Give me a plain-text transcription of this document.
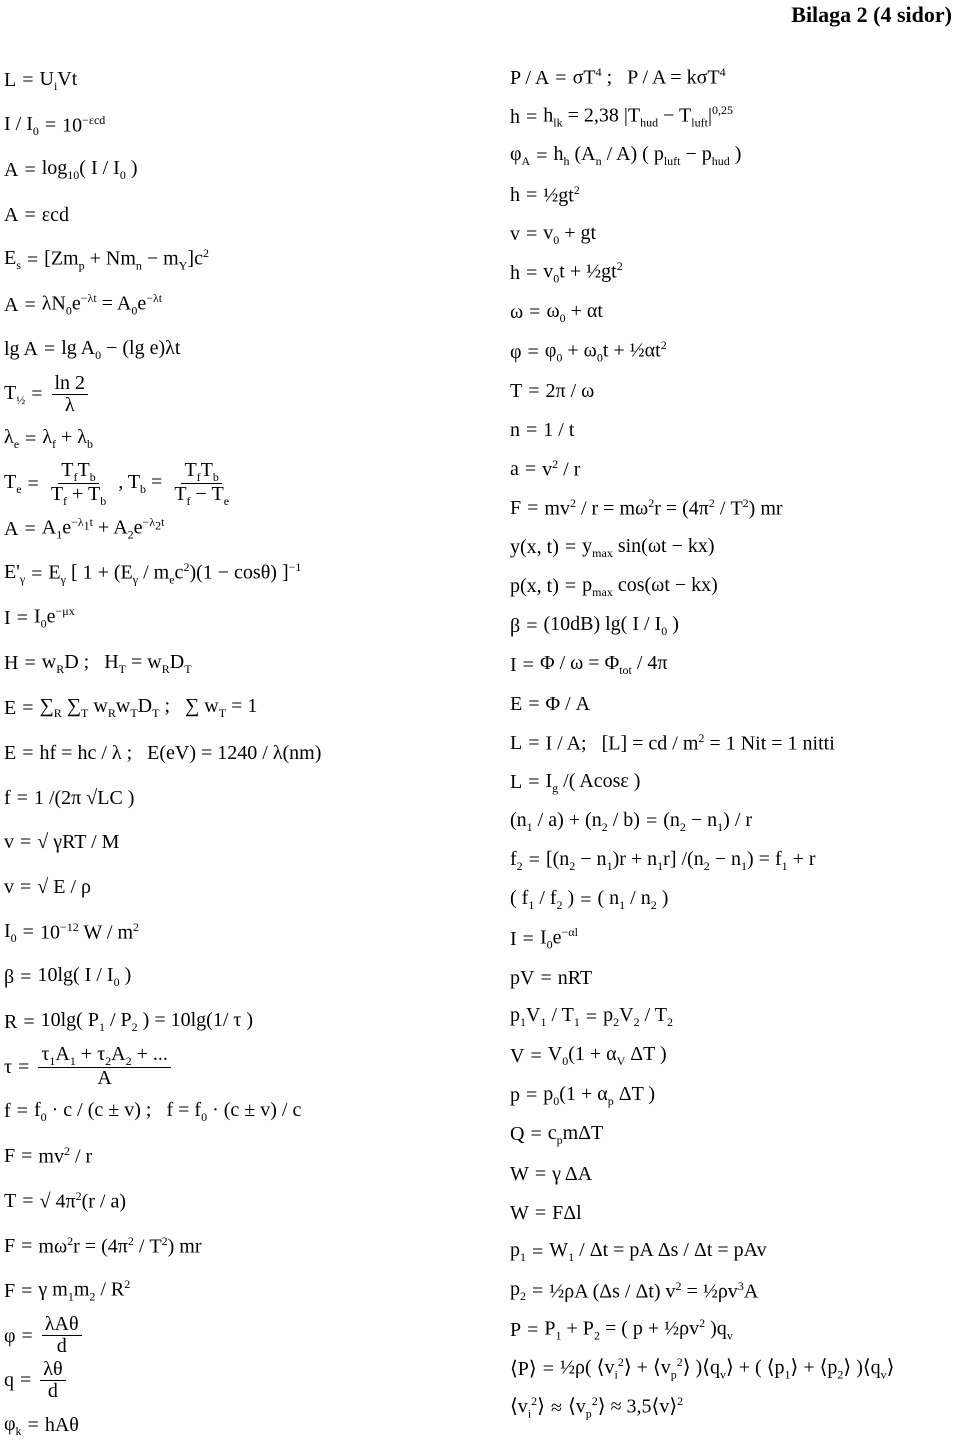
Bilaga 2 (4 sidor)
$L = U_iVt$
$I / I_0 = 10^{-\varepsilon cd}$
$A = \log_{10}$( I / $I_0$ )
A = εcd
$E_s = [Zm_p + Nm_n - m_Y]c^2$
$A = \lambda N_0e^{-\lambda t} = A_0e^{-\lambda t}$
$\lg A = \lg A_0 - (\lg$ e)λt
$T_{\frac{1}{2}} = \frac{\ln 2}{\lambda}$
$\lambda_e = \lambda_f + \lambda_b$
$T_e = \frac{T_fT_b}{T_f + T_b}$ , $T_b = \frac{T_fT_b}{T_f - T_e}$
$A = A_1e^{-\lambda_1t} + A_2e^{-\lambda_2t}$
$E'_\gamma = E_\gamma$ [ $1 + (E_\gamma / m_ec^2)(1 - \cos\theta)$ ]$^{-1}$
$I = I_0e^{-\mu x}$
$H = w_RD$ ;   $H_T = w_RD_T$
$E = \sum_R$ $\sum_T$ $w_Rw_TD_T$ ;   ∑ $w_T = 1$
E = hf = hc / λ ;   E(eV) = 1240 / λ(nm)
f = 1 /(2π √LC )
v = √ γRT / M
v = √ E / ρ
$I_0 = 10^{-12}$ W / $m^2$
β = 10lg( I / $I_0$ )
R = 10lg( $P_1 / P_2$ ) = 10lg(1/ τ )
$\tau = \frac{\tau_1A_1 + \tau_2A_2 + ...}{A}$
$f = f_0 \cdot c / (c \pm v)$ ;   $f = f_0 \cdot (c \pm v) / c$
$F = mv^2 / r$
T = √ $4\pi^2(r / a)$
$F = m\omega^2r = (4\pi^2 / T^2)$ mr
F = γ $m_1m_2 / R^2$
$\varphi = \frac{\text{λAθ}}{d}$
$q = \frac{\lambda\theta}{d}$
$\varphi_k = hA\theta$
$P / A = \sigma T^4$ ;   P / A = kσT$^4$
$h = h_{lk} = 2,38$ $|T_{hud} - T_{luft}|^{0,25}$
$\varphi_A = h_h$ $(A_n / A)$ ( $p_{luft} - p_{hud}$ )
$h = \frac{1}{2}gt^2$
$v = v_0$ + gt
$h = v_0t$ + $\frac{1}{2}gt^2$
$\omega = \omega_0 + \alpha t$
$\varphi = \varphi_0 + \omega_0t$ + $\frac{1}{2}\alpha t^2$
T = 2π / ω
n = 1 / t
$a = v^2 / r$
$F = mv^2 / r = m\omega^2r = (4\pi^2 / T^2)$ mr
y(x, $t) = y_{max}$ sin(ωt − kx)
p(x, $t) = p_{max}$ cos(ωt − kx)
β = (10dB) lg( I / $I_0$ )
$I = \Phi / \omega = \Phi_{tot} / 4\pi$
E = Φ / A
L = I / A;   [L] = cd / $m^2 = 1$ Nit = 1 nitti
$L = I_g$ /( Acosε )
$(n_1 / a) + (n_2 / b) = (n_2 - n_1) / r$
$f_2 = [(n_2 - n_1)r + n_1r] /(n_2 - n_1) = f_1 + r$
( $f_1 / f_2$ ) = ( $n_1 / n_2$ )
$I = I_0e^{-\alpha l}$
pV = nRT
$p_1V_1 / T_1 = p_2V_2 / T_2$
$V = V_0(1 + \alpha_V$ ΔT )
$p = p_0(1 + \alpha_p$ ΔT )
$Q = c_pm\Delta T$
W = γ ΔA
W = FΔl
$p_1 = W_1 / \Delta t$ = pA Δs / Δt = pAv
$p_2$ = ½ρA (Δs / Δt) $v^2$ = $\frac{1}{2}\rho v^3A$
$P = P_1 + P_2$ = ( $p + \frac{1}{2}\rho v^2$ )$q_v$
⟨P⟩ = ½ρ( $⟨v_i^2⟩$ + $⟨v_p^2⟩$ )$⟨q_v⟩$ + ( $⟨p_1⟩$ + $⟨p_2⟩$ )$⟨q_v⟩$
$⟨v_i^2⟩$ ≈ $⟨v_p^2⟩$ ≈ 3,5⟨v⟩$^2$
